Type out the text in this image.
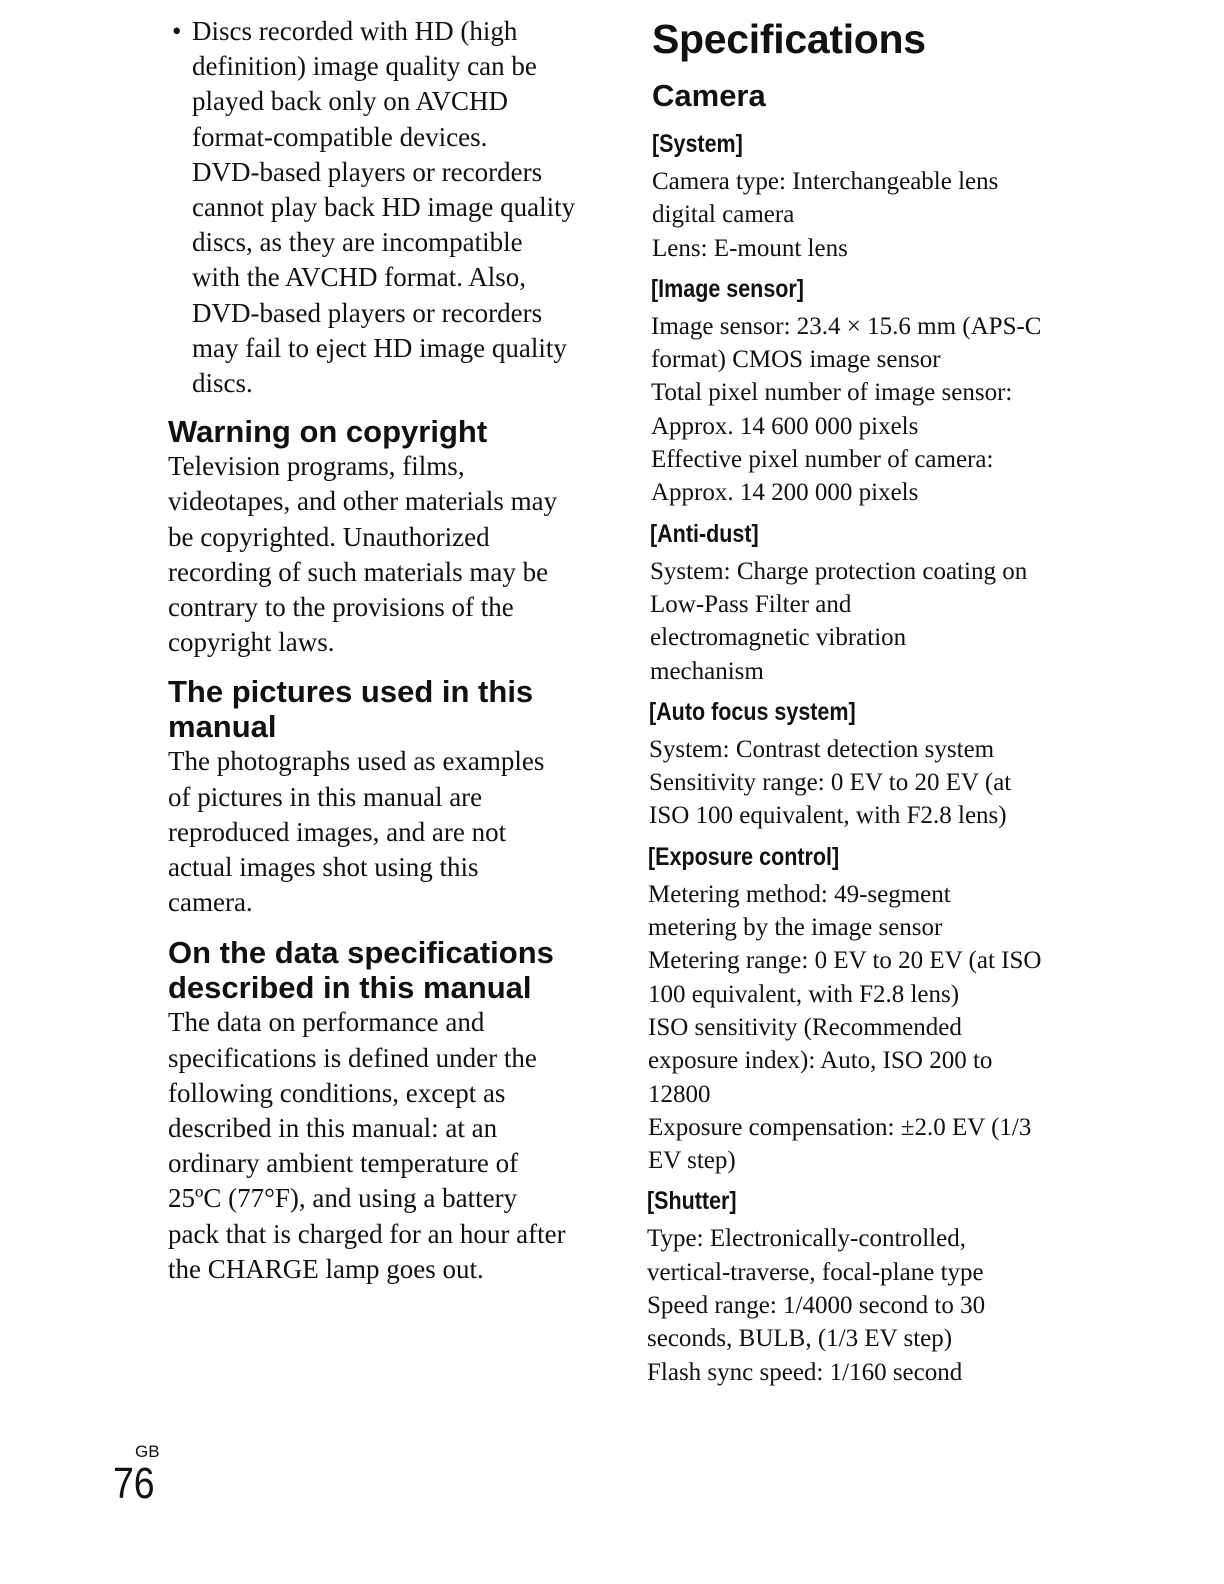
• Discs recorded with HD (high
definition) image quality can be
played back only on AVCHD
format-compatible devices.
DVD-based players or recorders
cannot play back HD image quality
discs, as they are incompatible
with the AVCHD format. Also,
DVD-based players or recorders
may fail to eject HD image quality
discs.
Warning on copyright
Television programs, films,
videotapes, and other materials may
be copyrighted. Unauthorized
recording of such materials may be
contrary to the provisions of the
copyright laws.
The pictures used in this
manual
The photographs used as examples
of pictures in this manual are
reproduced images, and are not
actual images shot using this
camera.
On the data specifications
described in this manual
The data on performance and
specifications is defined under the
following conditions, except as
described in this manual: at an
ordinary ambient temperature of
25ºC (77°F), and using a battery
pack that is charged for an hour after
the CHARGE lamp goes out.
Specifications
Camera
[System]
Camera type: Interchangeable lens
digital camera
Lens: E-mount lens
[Image sensor]
Image sensor: 23.4 × 15.6 mm (APS-C
format) CMOS image sensor
Total pixel number of image sensor:
Approx. 14 600 000 pixels
Effective pixel number of camera:
Approx. 14 200 000 pixels
[Anti-dust]
System: Charge protection coating on
Low-Pass Filter and
electromagnetic vibration
mechanism
[Auto focus system]
System: Contrast detection system
Sensitivity range: 0 EV to 20 EV (at
ISO 100 equivalent, with F2.8 lens)
[Exposure control]
Metering method: 49-segment
metering by the image sensor
Metering range: 0 EV to 20 EV (at ISO
100 equivalent, with F2.8 lens)
ISO sensitivity (Recommended
exposure index): Auto, ISO 200 to
12800
Exposure compensation: ±2.0 EV (1/3
EV step)
[Shutter]
Type: Electronically-controlled,
vertical-traverse, focal-plane type
Speed range: 1/4000 second to 30
seconds, BULB, (1/3 EV step)
Flash sync speed: 1/160 second
GB
76
